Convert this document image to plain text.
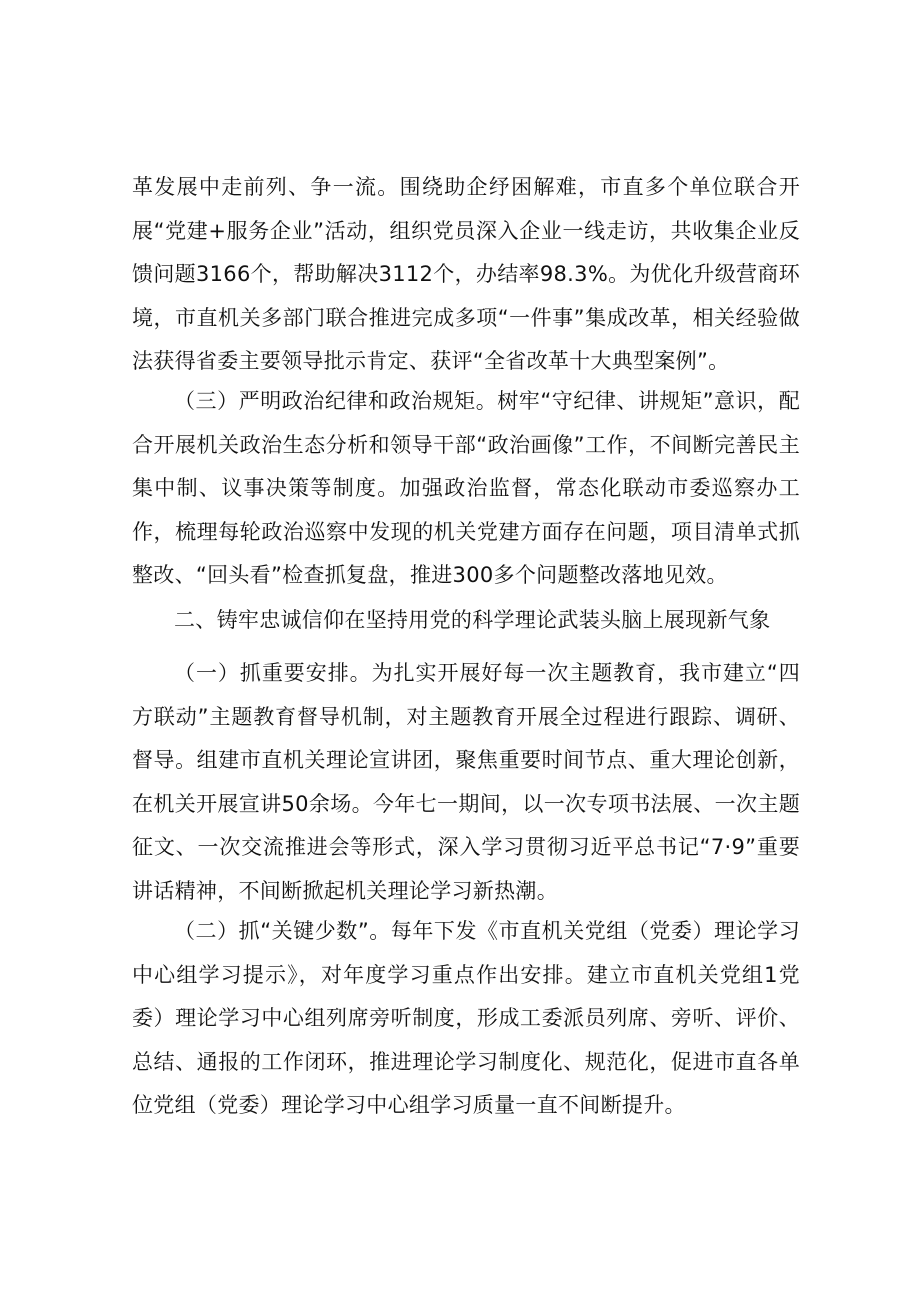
革发展中走前列、争一流。围绕助企纾困解难，市直多个单位联合开展“党建+服务企业”活动，组织党员深入企业一线走访，共收集企业反馈问题3166个，帮助解决3112个，办结率98.3%。为优化升级营商环境，市直机关多部门联合推进完成多项“一件事”集成改革，相关经验做法获得省委主要领导批示肯定、获评“全省改革十大典型案例”。

（三）严明政治纪律和政治规矩。树牢“守纪律、讲规矩”意识，配合开展机关政治生态分析和领导干部“政治画像”工作，不间断完善民主集中制、议事决策等制度。加强政治监督，常态化联动市委巡察办工作，梳理每轮政治巡察中发现的机关党建方面存在问题，项目清单式抓整改、“回头看”检查抓复盘，推进300多个问题整改落地见效。

二、铸牢忠诚信仰在坚持用党的科学理论武装头脑上展现新气象

（一）抓重要安排。为扎实开展好每一次主题教育，我市建立“四方联动”主题教育督导机制，对主题教育开展全过程进行跟踪、调研、督导。组建市直机关理论宣讲团，聚焦重要时间节点、重大理论创新，在机关开展宣讲50余场。今年七一期间，以一次专项书法展、一次主题征文、一次交流推进会等形式，深入学习贯彻习近平总书记“7·9”重要讲话精神，不间断掀起机关理论学习新热潮。

（二）抓“关键少数”。每年下发《市直机关党组（党委）理论学习中心组学习提示》，对年度学习重点作出安排。建立市直机关党组1党委）理论学习中心组列席旁听制度，形成工委派员列席、旁听、评价、总结、通报的工作闭环，推进理论学习制度化、规范化，促进市直各单位党组（党委）理论学习中心组学习质量一直不间断提升。
